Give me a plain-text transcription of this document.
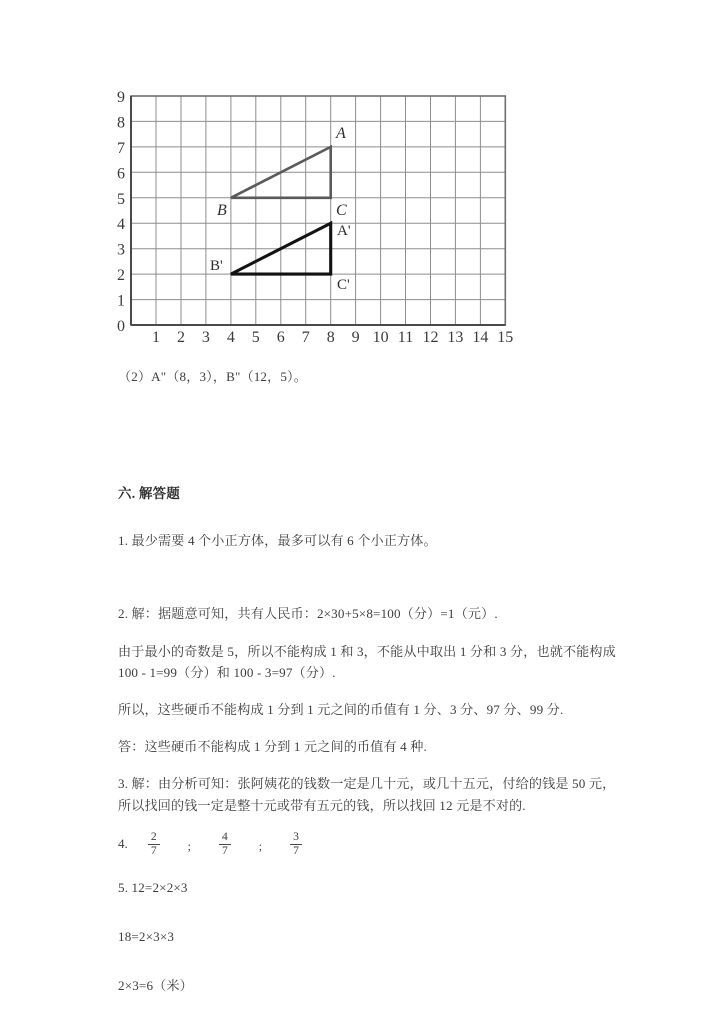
0
1
2
3
4
5
6
7
8
9
1 2 3 4 5 6 7 8 9 10 11 12 13 14 15
A
B	C
A'
B'
C'

（2）A"（8，3），B"（12，5）。

六. 解答题

1. 最少需要 4 个小正方体，最多可以有 6 个小正方体。

2. 解：据题意可知，共有人民币：2×30+5×8=100（分）=1（元）.

由于最小的奇数是 5，所以不能构成 1 和 3，不能从中取出 1 分和 3 分，也就不能构成 100 - 1=99（分）和 100 - 3=97（分）.

所以，这些硬币不能构成 1 分到 1 元之间的币值有 1 分、3 分、97 分、99 分.

答：这些硬币不能构成 1 分到 1 元之间的币值有 4 种.

3. 解：由分析可知：张阿姨花的钱数一定是几十元，或几十五元，付给的钱是 50 元，所以找回的钱一定是整十元或带有五元的钱，所以找回 12 元是不对的.

4. $\frac{2}{7}$ ; $\frac{4}{7}$ ; $\frac{3}{7}$

5. 12=2×2×3

18=2×3×3

2×3=6（米）
